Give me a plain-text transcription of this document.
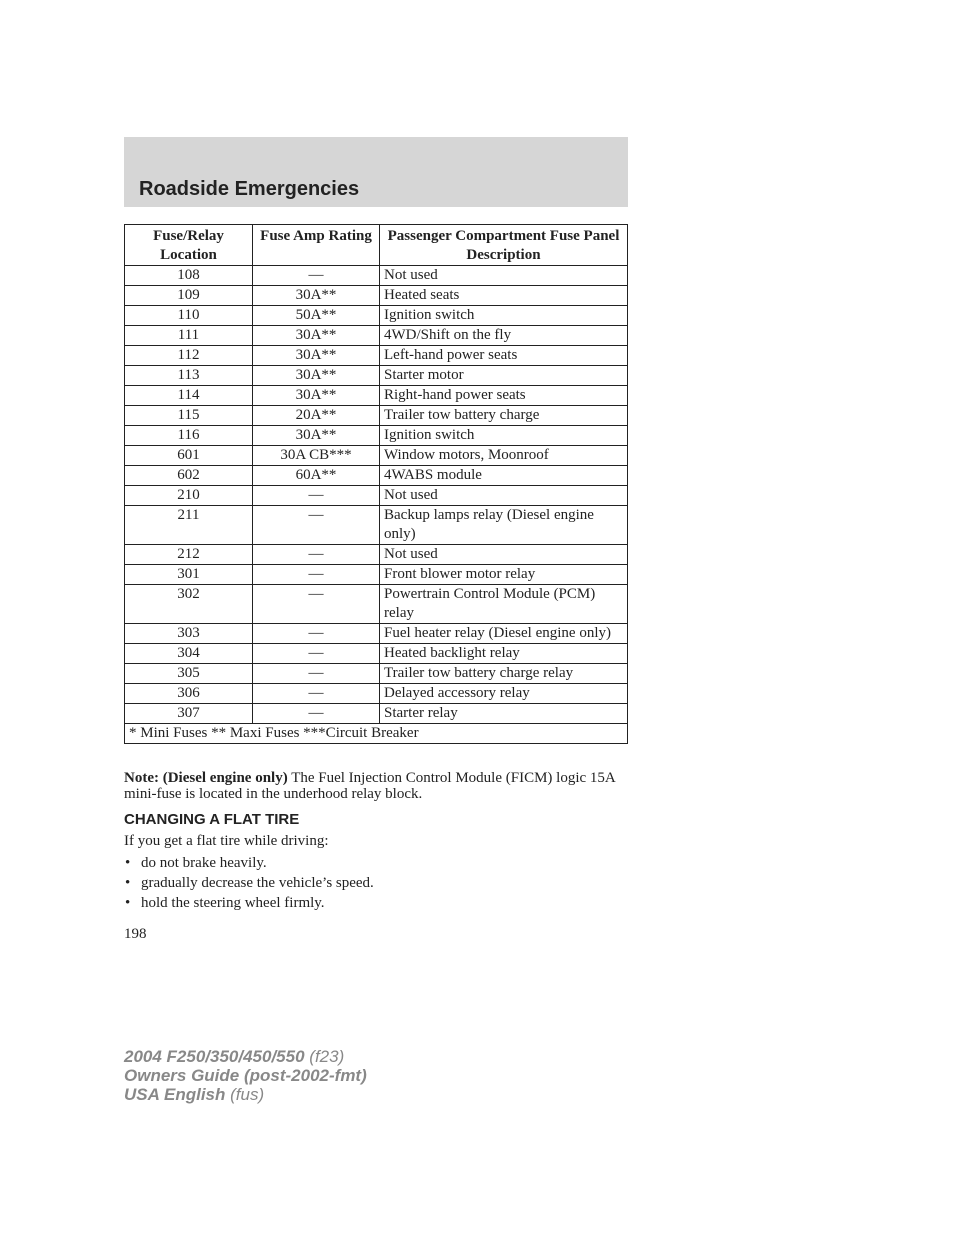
Roadside Emergencies
Fuse/Relay Location	Fuse Amp Rating	Passenger Compartment Fuse Panel Description
108	—	Not used
109	30A**	Heated seats
110	50A**	Ignition switch
111	30A**	4WD/Shift on the fly
112	30A**	Left-hand power seats
113	30A**	Starter motor
114	30A**	Right-hand power seats
115	20A**	Trailer tow battery charge
116	30A**	Ignition switch
601	30A CB***	Window motors, Moonroof
602	60A**	4WABS module
210	—	Not used
211	—	Backup lamps relay (Diesel engine only)
212	—	Not used
301	—	Front blower motor relay
302	—	Powertrain Control Module (PCM) relay
303	—	Fuel heater relay (Diesel engine only)
304	—	Heated backlight relay
305	—	Trailer tow battery charge relay
306	—	Delayed accessory relay
307	—	Starter relay
* Mini Fuses ** Maxi Fuses ***Circuit Breaker		
Note: (Diesel engine only) The Fuel Injection Control Module (FICM) logic 15A mini-fuse is located in the underhood relay block.
CHANGING A FLAT TIRE
If you get a flat tire while driving:
• do not brake heavily.
• gradually decrease the vehicle’s speed.
• hold the steering wheel firmly.
198
2004 F250/350/450/550 (f23)
Owners Guide (post-2002-fmt)
USA English (fus)
